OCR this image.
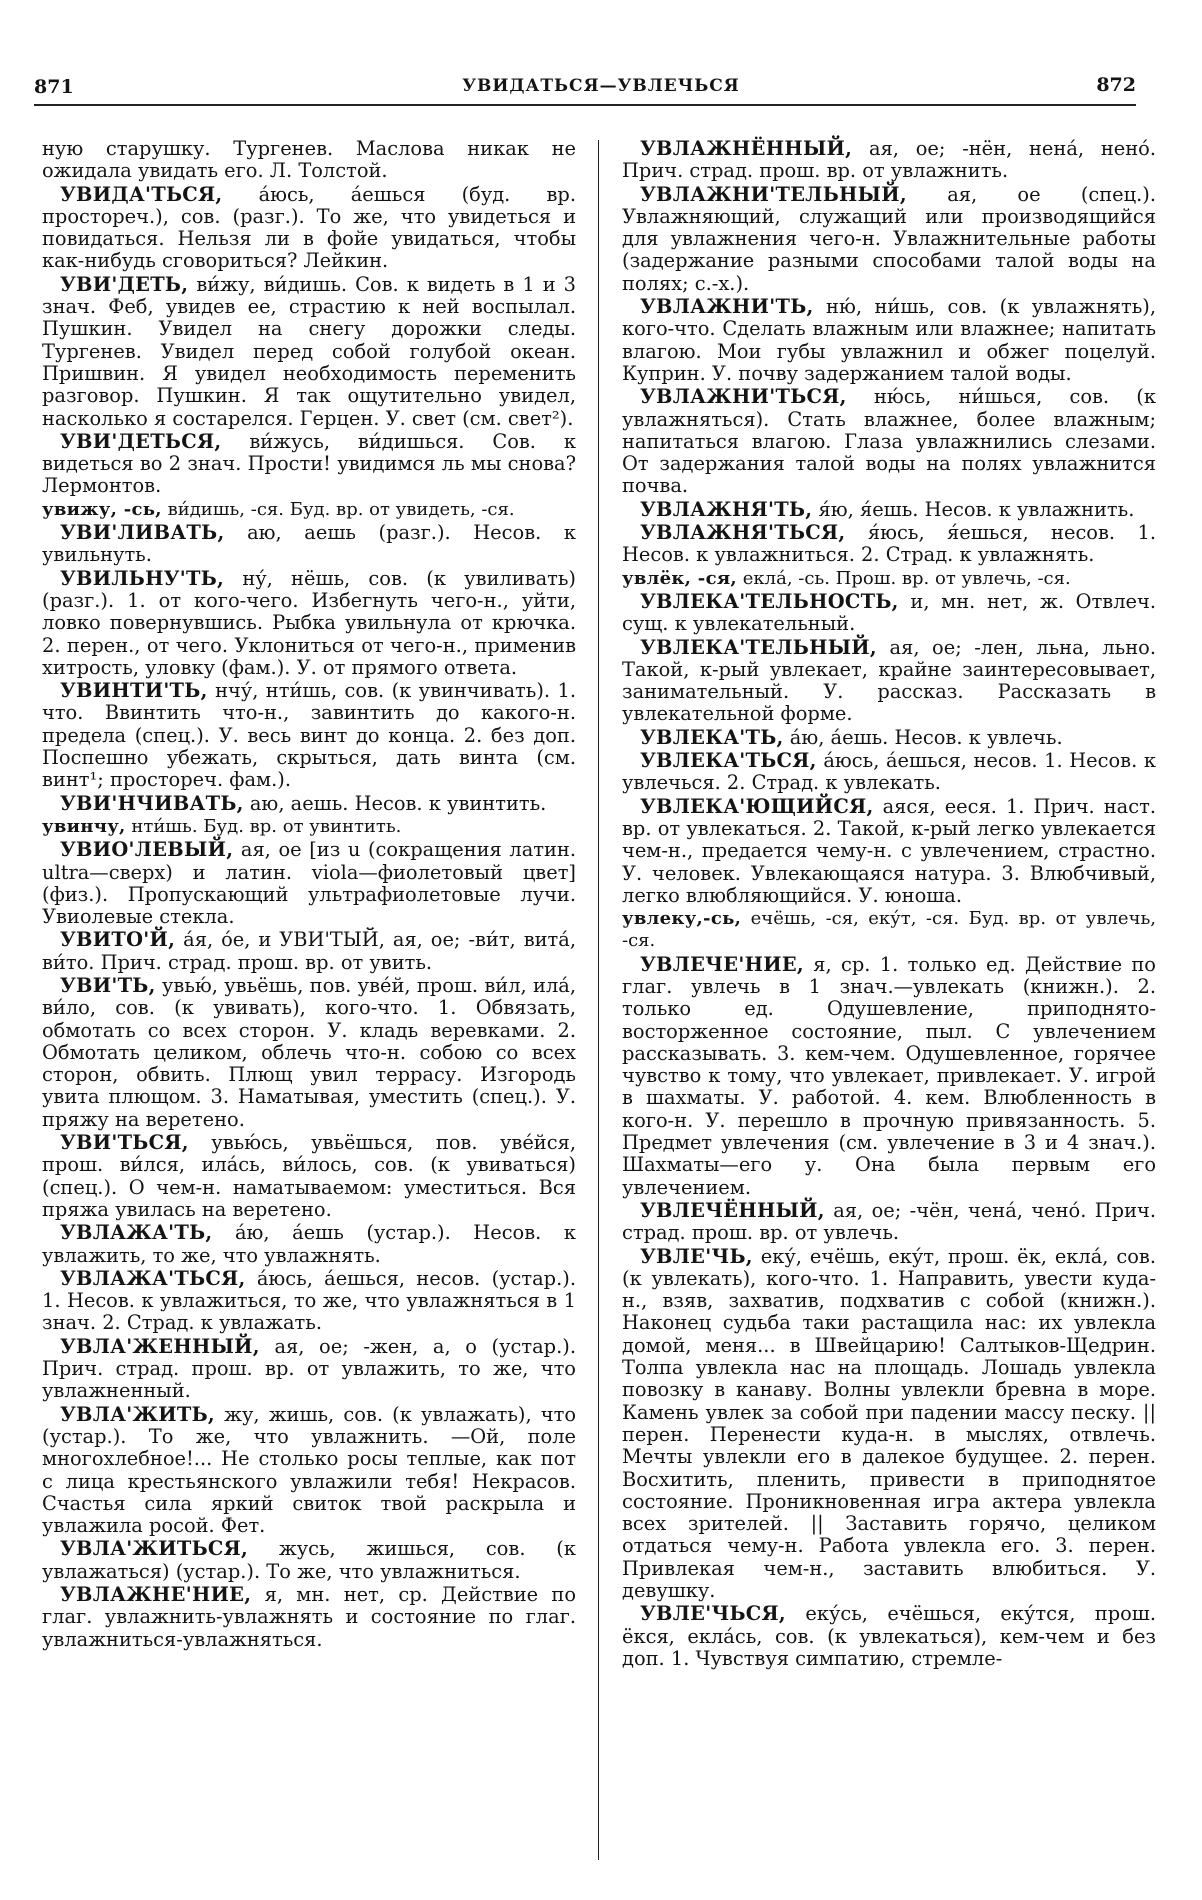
871	УВИДАТЬСЯ—УВЛЕЧЬСЯ	872

ную старушку. Тургенев. Маслова никак не ожидала увидать его. Л. Толстой.

УВИДА'ТЬСЯ, а́юсь, а́ешься (буд. вр. простореч.), сов. (разг.). То же, что увидеться и повидаться. Нельзя ли в фойе увидаться, чтобы как-нибудь сговориться? Лейкин.

УВИ'ДЕТЬ, ви́жу, ви́дишь. Сов. к видеть в 1 и 3 знач. Феб, увидев ее, страстию к ней воспылал. Пушкин. Увидел на снегу дорожки следы. Тургенев. Увидел перед собой голубой океан. Пришвин. Я увидел необходимость переменить разговор. Пушкин. Я так ощутительно увидел, насколько я состарелся. Герцен. У. свет (см. свет²).

УВИ'ДЕТЬСЯ, ви́жусь, ви́дишься. Сов. к видеться во 2 знач. Прости! увидимся ль мы снова? Лермонтов.

увижу, -сь, ви́дишь, -ся. Буд. вр. от увидеть, -ся.

УВИ'ЛИВАТЬ, аю, аешь (разг.). Несов. к увильнуть.

УВИЛЬНУ'ТЬ, ну́, нёшь, сов. (к увиливать) (разг.). 1. от кого-чего. Избегнуть чего-н., уйти, ловко повернувшись. Рыбка увильнула от крючка. 2. перен., от чего. Уклониться от чего-н., применив хитрость, уловку (фам.). У. от прямого ответа.

УВИНТИ'ТЬ, нчу́, нти́шь, сов. (к увинчивать). 1. что. Ввинтить что-н., завинтить до какого-н. предела (спец.). У. весь винт до конца. 2. без доп. Поспешно убежать, скрыться, дать винта (см. винт¹; простореч. фам.).

УВИ'НЧИВАТЬ, аю, аешь. Несов. к увинтить.

увинчу, нти́шь. Буд. вр. от увинтить.

УВИО'ЛЕВЫЙ, ая, ое [из u (сокращения латин. ultra—сверх) и латин. viola—фиолетовый цвет] (физ.). Пропускающий ультрафиолетовые лучи. Увиолевые стекла.

УВИТО'Й, а́я, о́е, и УВИ'ТЫЙ, ая, ое; -ви́т, вита́, ви́то. Прич. страд. прош. вр. от увить.

УВИ'ТЬ, увью́, увьёшь, пов. уве́й, прош. ви́л, ила́, ви́ло, сов. (к увивать), кого-что. 1. Обвязать, обмотать со всех сторон. У. кладь веревками. 2. Обмотать целиком, облечь что-н. собою со всех сторон, обвить. Плющ увил террасу. Изгородь увита плющом. 3. Наматывая, уместить (спец.). У. пряжу на веретено.

УВИ'ТЬСЯ, увью́сь, увьёшься, пов. уве́йся, прош. ви́лся, ила́сь, ви́лось, сов. (к увиваться) (спец.). О чем-н. наматываемом: уместиться. Вся пряжа увилась на веретено.

УВЛАЖА'ТЬ, а́ю, а́ешь (устар.). Несов. к увлажить, то же, что увлажнять.

УВЛАЖА'ТЬСЯ, а́юсь, а́ешься, несов. (устар.). 1. Несов. к увлажиться, то же, что увлажняться в 1 знач. 2. Страд. к увлажать.

УВЛА'ЖЕННЫЙ, ая, ое; -жен, а, о (устар.). Прич. страд. прош. вр. от увлажить, то же, что увлажненный.

УВЛА'ЖИТЬ, жу, жишь, сов. (к увлажать), что (устар.). То же, что увлажнить. —Ой, поле многохлебное!... Не столько росы теплые, как пот с лица крестьянского увлажили тебя! Некрасов. Счастья сила яркий свиток твой раскрыла и увлажила росой. Фет.

УВЛА'ЖИТЬСЯ, жусь, жишься, сов. (к увлажаться) (устар.). То же, что увлажниться.

УВЛАЖНЕ'НИЕ, я, мн. нет, ср. Действие по глаг. увлажнить-увлажнять и состояние по глаг. увлажниться-увлажняться.

УВЛАЖНЁННЫЙ, ая, ое; -нён, нена́, нено́. Прич. страд. прош. вр. от увлажнить.

УВЛАЖНИ'ТЕЛЬНЫЙ, ая, ое (спец.). Увлажняющий, служащий или производящийся для увлажнения чего-н. Увлажнительные работы (задержание разными способами талой воды на полях; с.-х.).

УВЛАЖНИ'ТЬ, ню́, ни́шь, сов. (к увлажнять), кого-что. Сделать влажным или влажнее; напитать влагою. Мои губы увлажнил и обжег поцелуй. Куприн. У. почву задержанием талой воды.

УВЛАЖНИ'ТЬСЯ, ню́сь, ни́шься, сов. (к увлажняться). Стать влажнее, более влажным; напитаться влагою. Глаза увлажнились слезами. От задержания талой воды на полях увлажнится почва.

УВЛАЖНЯ'ТЬ, я́ю, я́ешь. Несов. к увлажнить.

УВЛАЖНЯ'ТЬСЯ, я́юсь, я́ешься, несов. 1. Несов. к увлажниться. 2. Страд. к увлажнять.

увлёк, -ся, екла́, -сь. Прош. вр. от увлечь, -ся.

УВЛЕКА'ТЕЛЬНОСТЬ, и, мн. нет, ж. Отвлеч. сущ. к увлекательный.

УВЛЕКА'ТЕЛЬНЫЙ, ая, ое; -лен, льна, льно. Такой, к-рый увлекает, крайне заинтересовывает, занимательный. У. рассказ. Рассказать в увлекательной форме.

УВЛЕКА'ТЬ, а́ю, а́ешь. Несов. к увлечь.

УВЛЕКА'ТЬСЯ, а́юсь, а́ешься, несов. 1. Несов. к увлечься. 2. Страд. к увлекать.

УВЛЕКА'ЮЩИЙСЯ, аяся, ееся. 1. Прич. наст. вр. от увлекаться. 2. Такой, к-рый легко увлекается чем-н., предается чему-н. с увлечением, страстно. У. человек. Увлекающаяся натура. 3. Влюбчивый, легко влюбляющийся. У. юноша.

увлеку,-сь, ечёшь, -ся, еку́т, -ся. Буд. вр. от увлечь, -ся.

УВЛЕЧЕ'НИЕ, я, ср. 1. только ед. Действие по глаг. увлечь в 1 знач.—увлекать (книжн.). 2. только ед. Одушевление, приподнято-восторженное состояние, пыл. С увлечением рассказывать. 3. кем-чем. Одушевленное, горячее чувство к тому, что увлекает, привлекает. У. игрой в шахматы. У. работой. 4. кем. Влюбленность в кого-н. У. перешло в прочную привязанность. 5. Предмет увлечения (см. увлечение в 3 и 4 знач.). Шахматы—его у. Она была первым его увлечением.

УВЛЕЧЁННЫЙ, ая, ое; -чён, чена́, чено́. Прич. страд. прош. вр. от увлечь.

УВЛЕ'ЧЬ, еку́, ечёшь, еку́т, прош. ёк, екла́, сов. (к увлекать), кого-что. 1. Направить, увести куда-н., взяв, захватив, подхватив с собой (книжн.). Наконец судьба таки растащила нас: их увлекла домой, меня... в Швейцарию! Салтыков-Щедрин. Толпа увлекла нас на площадь. Лошадь увлекла повозку в канаву. Волны увлекли бревна в море. Камень увлек за собой при падении массу песку. || перен. Перенести куда-н. в мыслях, отвлечь. Мечты увлекли его в далекое будущее. 2. перен. Восхитить, пленить, привести в приподнятое состояние. Проникновенная игра актера увлекла всех зрителей. || Заставить горячо, целиком отдаться чему-н. Работа увлекла его. 3. перен. Привлекая чем-н., заставить влюбиться. У. девушку.

УВЛЕ'ЧЬСЯ, еку́сь, ечёшься, еку́тся, прош. ёкся, екла́сь, сов. (к увлекаться), кем-чем и без доп. 1. Чувствуя симпатию, стремле-
